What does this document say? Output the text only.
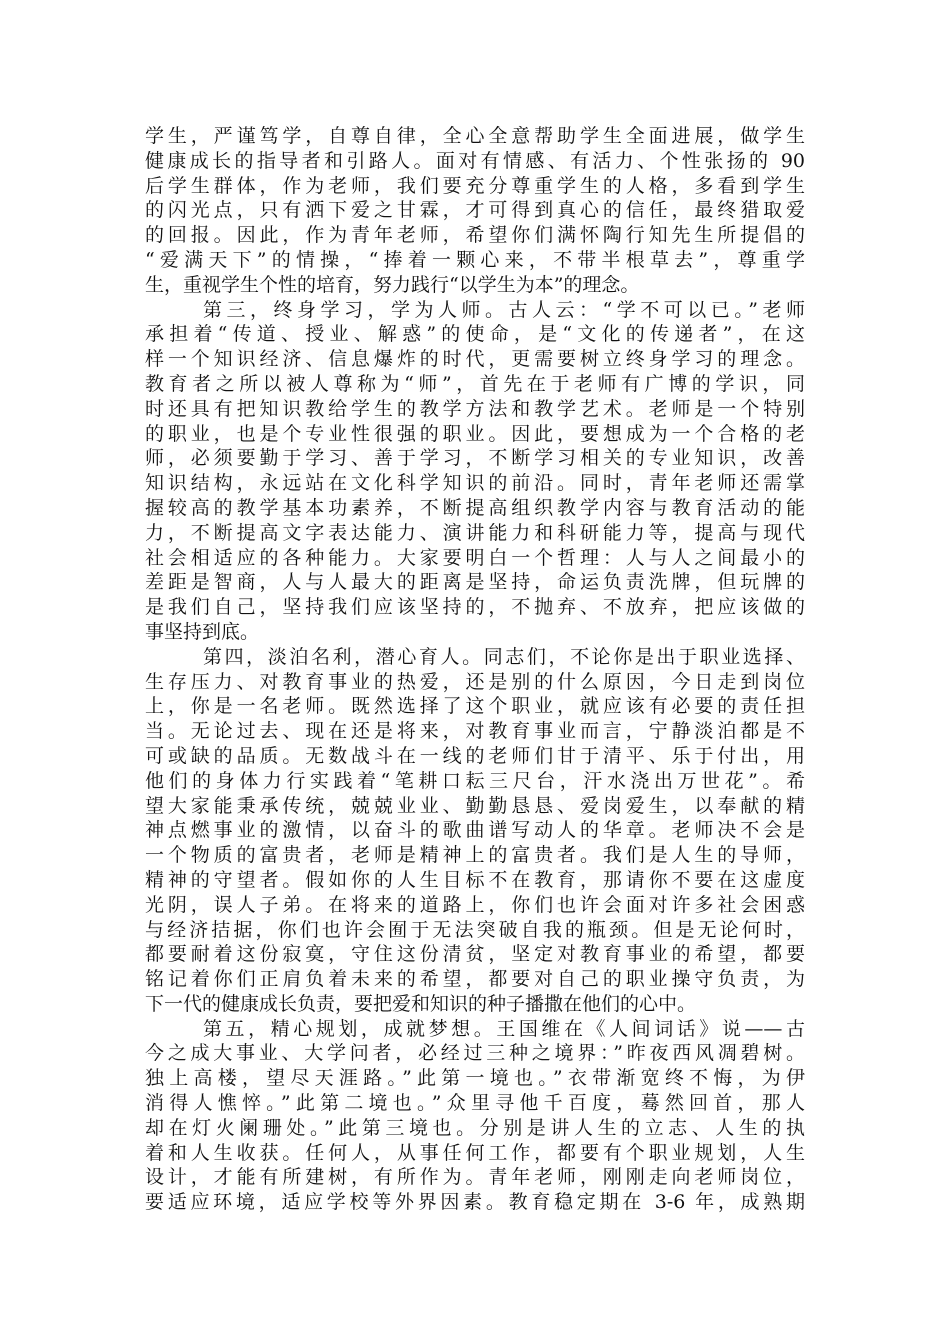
学生，严谨笃学，自尊自律，全心全意帮助学生全面进展，做学生
健康成长的指导者和引路人。面对有情感、有活力、个性张扬的 90
后学生群体，作为老师，我们要充分尊重学生的人格，多看到学生
的闪光点，只有洒下爱之甘霖，才可得到真心的信任，最终猎取爱
的回报。因此，作为青年老师，希望你们满怀陶行知先生所提倡的
“爱满天下”的情操，“捧着一颗心来，不带半根草去”，尊重学
生，重视学生个性的培育，努力践行“以学生为本”的理念。
第三，终身学习，学为人师。古人云：“学不可以已。”老师
承担着“传道、授业、解惑”的使命，是“文化的传递者”，在这
样一个知识经济、信息爆炸的时代，更需要树立终身学习的理念。
教育者之所以被人尊称为“师”，首先在于老师有广博的学识，同
时还具有把知识教给学生的教学方法和教学艺术。老师是一个特别
的职业，也是个专业性很强的职业。因此，要想成为一个合格的老
师，必须要勤于学习、善于学习，不断学习相关的专业知识，改善
知识结构，永远站在文化科学知识的前沿。同时，青年老师还需掌
握较高的教学基本功素养，不断提高组织教学内容与教育活动的能
力，不断提高文字表达能力、演讲能力和科研能力等，提高与现代
社会相适应的各种能力。大家要明白一个哲理：人与人之间最小的
差距是智商，人与人最大的距离是坚持，命运负责洗牌，但玩牌的
是我们自己，坚持我们应该坚持的，不抛弃、不放弃，把应该做的
事坚持到底。
第四，淡泊名利，潜心育人。同志们，不论你是出于职业选择、
生存压力、对教育事业的热爱，还是别的什么原因，今日走到岗位
上，你是一名老师。既然选择了这个职业，就应该有必要的责任担
当。无论过去、现在还是将来，对教育事业而言，宁静淡泊都是不
可或缺的品质。无数战斗在一线的老师们甘于清平、乐于付出，用
他们的身体力行实践着“笔耕口耘三尺台，汗水浇出万世花”。希
望大家能秉承传统，兢兢业业、勤勤恳恳、爱岗爱生，以奉献的精
神点燃事业的激情，以奋斗的歌曲谱写动人的华章。老师决不会是
一个物质的富贵者，老师是精神上的富贵者。我们是人生的导师，
精神的守望者。假如你的人生目标不在教育，那请你不要在这虚度
光阴，误人子弟。在将来的道路上，你们也许会面对许多社会困惑
与经济拮据，你们也许会囿于无法突破自我的瓶颈。但是无论何时，
都要耐着这份寂寞，守住这份清贫，坚定对教育事业的希望，都要
铭记着你们正肩负着未来的希望，都要对自己的职业操守负责，为
下一代的健康成长负责，要把爱和知识的种子播撒在他们的心中。
第五，精心规划，成就梦想。王国维在《人间词话》说——古
今之成大事业、大学问者，必经过三种之境界：”昨夜西风凋碧树。
独上高楼，望尽天涯路。”此第一境也。”衣带渐宽终不悔，为伊
消得人憔悴。”此第二境也。”众里寻他千百度，蓦然回首，那人
却在灯火阑珊处。”此第三境也。分别是讲人生的立志、人生的执
着和人生收获。任何人，从事任何工作，都要有个职业规划，人生
设计，才能有所建树，有所作为。青年老师，刚刚走向老师岗位，
要适应环境，适应学校等外界因素。教育稳定期在 3-6 年，成熟期
